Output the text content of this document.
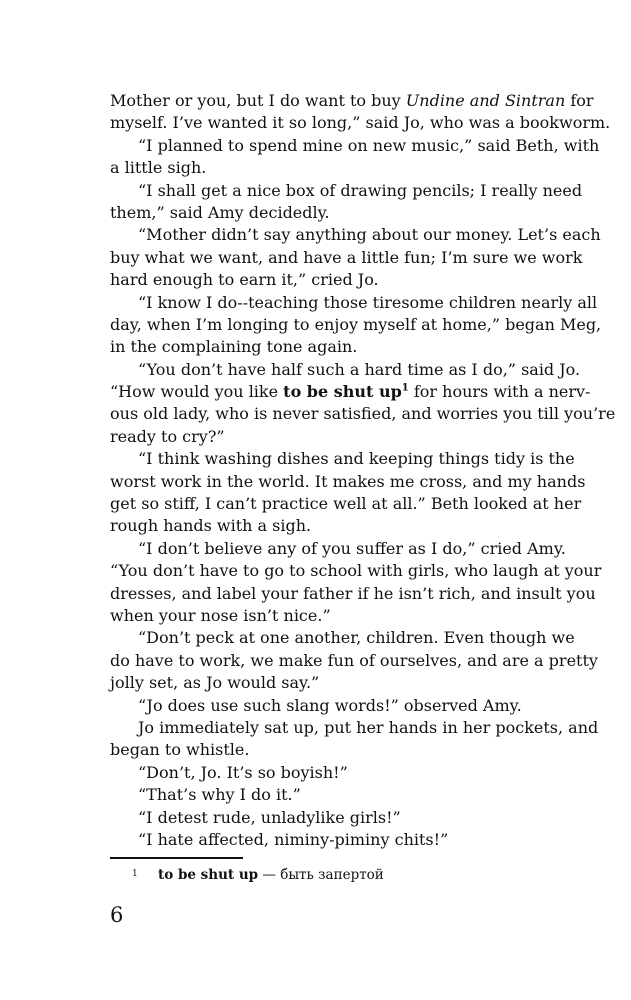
Mother or you, but I do want to buy Undine and Sintran for
myself. I’ve wanted it so long,” said Jo, who was a bookworm.
“I planned to spend mine on new music,” said Beth, with
a little sigh.
“I shall get a nice box of drawing pencils; I really need
them,” said Amy decidedly.
“Mother didn’t say anything about our money. Let’s each
buy what we want, and have a little fun; I’m sure we work
hard enough to earn it,” cried Jo.
“I know I do--teaching those tiresome children nearly all
day, when I’m longing to enjoy myself at home,” began Meg,
in the complaining tone again.
“You don’t have half such a hard time as I do,” said Jo.
“How would you like to be shut $up^1$ for hours with a nerv-
ous old lady, who is never satisfied, and worries you till you’re
ready to cry?”
“I think washing dishes and keeping things tidy is the
worst work in the world. It makes me cross, and my hands
get so stiff, I can’t practice well at all.” Beth looked at her
rough hands with a sigh.
“I don’t believe any of you suffer as I do,” cried Amy.
“You don’t have to go to school with girls, who laugh at your
dresses, and label your father if he isn’t rich, and insult you
when your nose isn’t nice.”
“Don’t peck at one another, children. Even though we
do have to work, we make fun of ourselves, and are a pretty
jolly set, as Jo would say.”
“Jo does use such slang words!” observed Amy.
Jo immediately sat up, put her hands in her pockets, and
began to whistle.
“Don’t, Jo. It’s so boyish!”
“That’s why I do it.”
“I detest rude, unladylike girls!”
“I hate affected, niminy-piminy chits!”
1 to be shut up — быть запертой
6
